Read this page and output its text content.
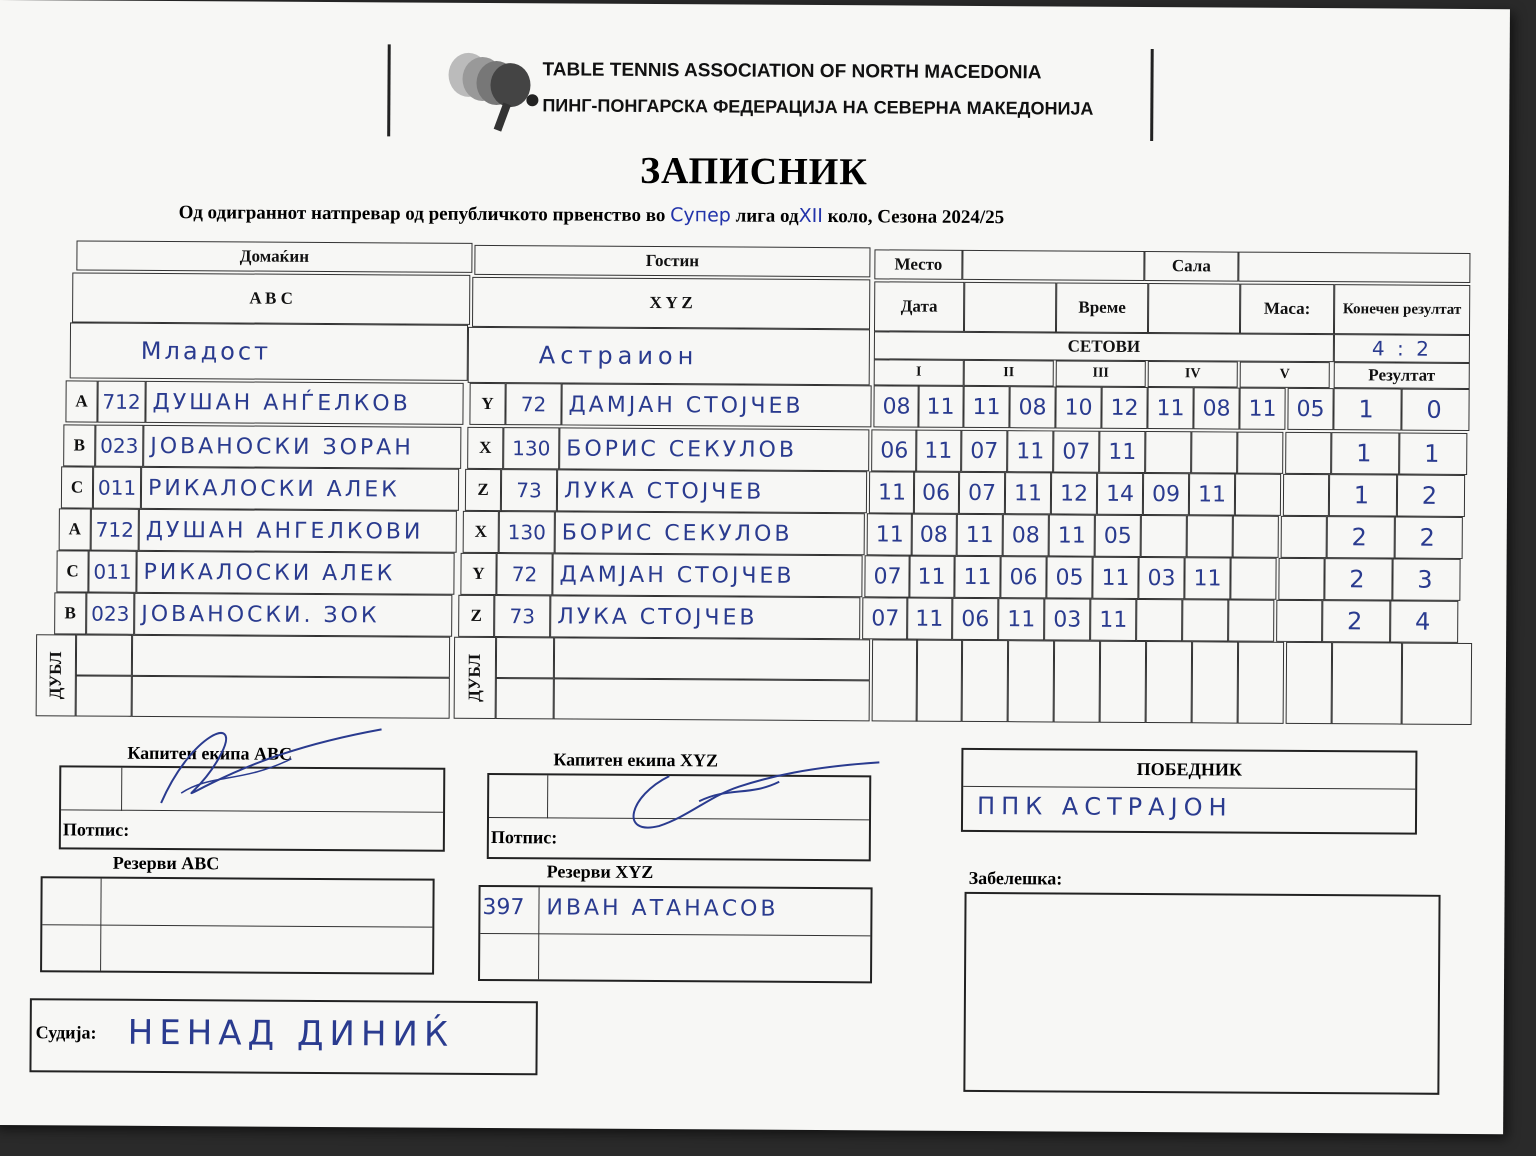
TABLE TENNIS ASSOCIATION OF NORTH MACEDONIA
ПИНГ-ПОНГАРСКА ФЕДЕРАЦИЈА НА СЕВЕРНА МАКЕДОНИЈА
ЗАПИСНИК
Од одиграннот натпревар од републичкото првенство во Супер лига одXII коло, Сезона 2024/25
Домаќин	Гостин	Место	Сала
A B C	X Y Z	Дата	Време	Маса:	Конечен резултат
Младост	Астраион	СЕТОВИ	4 : 2
I	II	III	IV	V	Резултат
A 712 ДУШАН АНЃЕЛКОВ	Y	72	ДАМЈАН СТОЈЧЕВ	08 11 11 08 10 12 11 08 11 05	1	0
B 023 ЈОВАНОСКИ ЗОРАН	X	130 БОРИС СЕКУЛОВ	06 11 07 11 07 11	1	1
C 011 РИКАЛОСКИ АЛЕК	Z	73	ЛУКА СТОЈЧЕВ	11 06 07 11 12 14 09 11	1	2
A 712 ДУШАН АНГЕЛКОВИ	X	130 БОРИС СЕКУЛОВ	11 08 11 08 11 05	2	2
C 011 РИКАЛОСКИ АЛЕК	Y	72	ДАМЈАН СТОЈЧЕВ	07 11 11 06 05 11 03 11	2	3
B 023 ЈОВАНОСКИ. ЗОК	Z	73	ЛУКА СТОЈЧЕВ	07 11 06 11 03 11	2	4
ДУБЛ	ДУБЛ
Капитен екипа ABC
Потпис:
Капитен екипа XYZ
Потпис:
Резерви ABC	Резерви XYZ
397 ИВАН АТАНАСОВ
ПОБЕДНИК
ППК АСТРАЈОН
Забелешка:
Судија: НЕНАД ДИНИЌ
